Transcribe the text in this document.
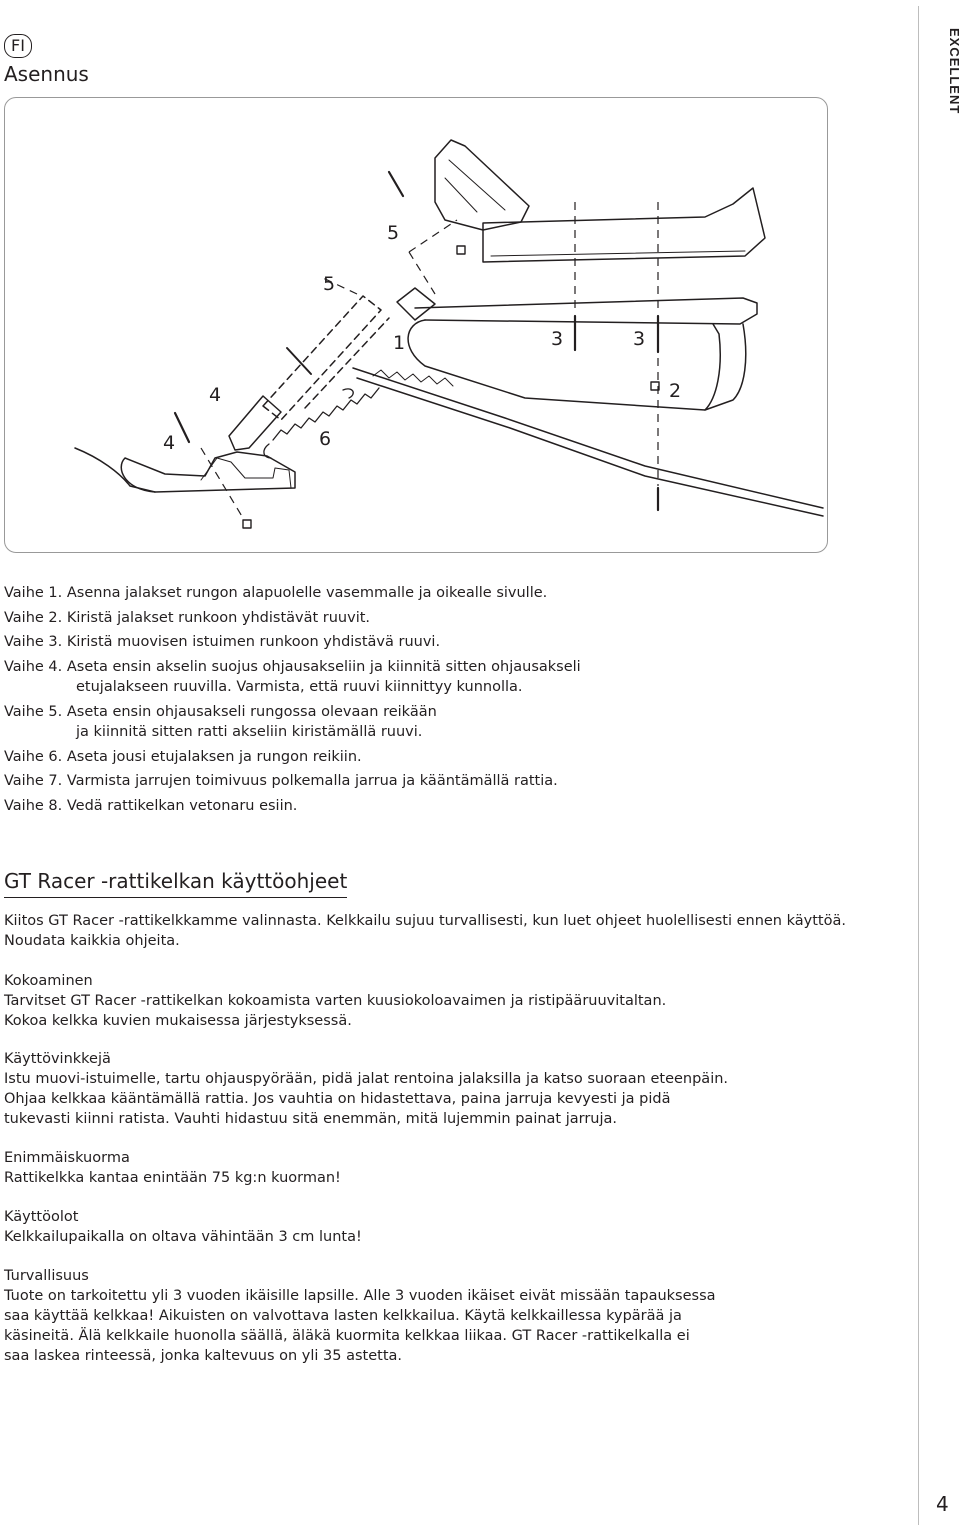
FI
Asennus	EXCELLENT
4
5
5
1	3	3
2
4
4	6
Vaihe 1. Asenna jalakset rungon alapuolelle vasemmalle ja oikealle sivulle.
Vaihe 2. Kiristä jalakset runkoon yhdistävät ruuvit.
Vaihe 3. Kiristä muovisen istuimen runkoon yhdistävä ruuvi.
Vaihe 4. Aseta ensin akselin suojus ohjausakseliin ja kiinnitä sitten ohjausakseli
etujalakseen ruuvilla. Varmista, että ruuvi kiinnittyy kunnolla.
Vaihe 5. Aseta ensin ohjausakseli rungossa olevaan reikään
ja kiinnitä sitten ratti akseliin kiristämällä ruuvi.
Vaihe 6. Aseta jousi etujalaksen ja rungon reikiin.
Vaihe 7. Varmista jarrujen toimivuus polkemalla jarrua ja kääntämällä rattia.
Vaihe 8. Vedä rattikelkan vetonaru esiin.
GT Racer -rattikelkan käyttöohjeet
Kiitos GT Racer -rattikelkkamme valinnasta. Kelkkailu sujuu turvallisesti, kun luet ohjeet huolellisesti ennen käyttöä. Noudata kaikkia ohjeita.

Kokoaminen

Tarvitset GT Racer -rattikelkan kokoamista varten kuusiokoloavaimen ja ristipääruuvitaltan.

Kokoa kelkka kuvien mukaisessa järjestyksessä.

Käyttövinkkejä

Istu muovi-istuimelle, tartu ohjauspyörään, pidä jalat rentoina jalaksilla ja katso suoraan eteenpäin.

Ohjaa kelkkaa kääntämällä rattia. Jos vauhtia on hidastettava, paina jarruja kevyesti ja pidä

tukevasti kiinni ratista. Vauhti hidastuu sitä enemmän, mitä lujemmin painat jarruja.

Enimmäiskuorma

Rattikelkka kantaa enintään 75 kg:n kuorman!

Käyttöolot

Kelkkailupaikalla on oltava vähintään 3 cm lunta!

Turvallisuus

Tuote on tarkoitettu yli 3 vuoden ikäisille lapsille. Alle 3 vuoden ikäiset eivät missään tapauksessa

saa käyttää kelkkaa! Aikuisten on valvottava lasten kelkkailua. Käytä kelkkaillessa kypärää ja

käsineitä. Älä kelkkaile huonolla säällä, äläkä kuormita kelkkaa liikaa. GT Racer -rattikelkalla ei

saa laskea rinteessä, jonka kaltevuus on yli 35 astetta.
